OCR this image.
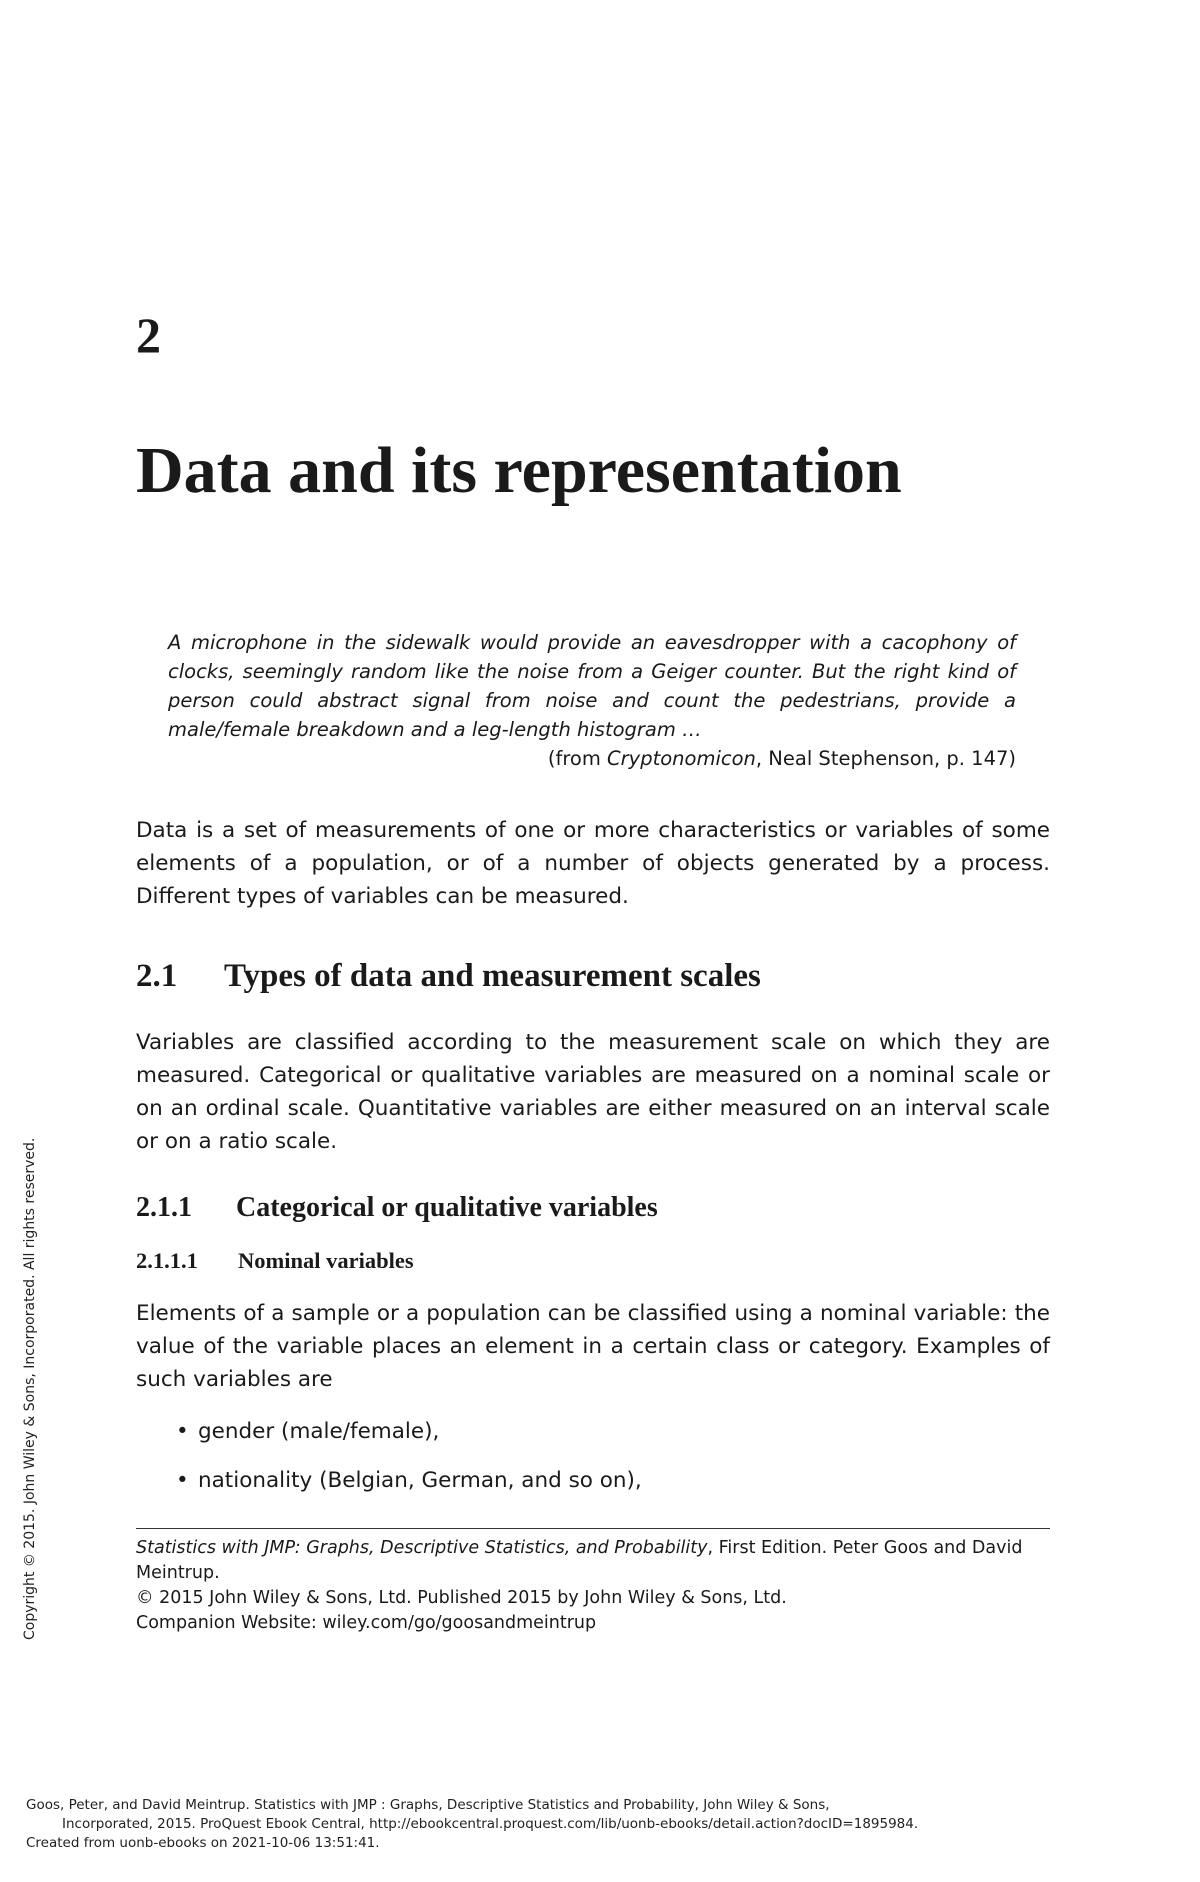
2
Data and its representation

A microphone in the sidewalk would provide an eavesdropper with a cacophony of clocks, seemingly random like the noise from a Geiger counter. But the right kind of person could abstract signal from noise and count the pedestrians, provide a male/female breakdown and a leg-length histogram …

(from Cryptonomicon, Neal Stephenson, p. 147)

Data is a set of measurements of one or more characteristics or variables of some elements of a population, or of a number of objects generated by a process. Different types of variables can be measured.

2.1 Types of data and measurement scales

Variables are classified according to the measurement scale on which they are measured. Categorical or qualitative variables are measured on a nominal scale or on an ordinal scale. Quantitative variables are either measured on an interval scale or on a ratio scale.

2.1.1 Categorical or qualitative variables
2.1.1.1 Nominal variables

Elements of a sample or a population can be classified using a nominal variable: the value of the variable places an element in a certain class or category. Examples of such variables are

• gender (male/female),
• nationality (Belgian, German, and so on),

Statistics with JMP: Graphs, Descriptive Statistics, and Probability, First Edition. Peter Goos and David Meintrup.

© 2015 John Wiley & Sons, Ltd. Published 2015 by John Wiley & Sons, Ltd.

Companion Website: wiley.com/go/goosandmeintrup

Copyright © 2015. John Wiley & Sons, Incorporated. All rights reserved.

Goos, Peter, and David Meintrup. Statistics with JMP : Graphs, Descriptive Statistics and Probability, John Wiley & Sons,

Incorporated, 2015. ProQuest Ebook Central, http://ebookcentral.proquest.com/lib/uonb-ebooks/detail.action?docID=1895984.

Created from uonb-ebooks on 2021-10-06 13:51:41.
